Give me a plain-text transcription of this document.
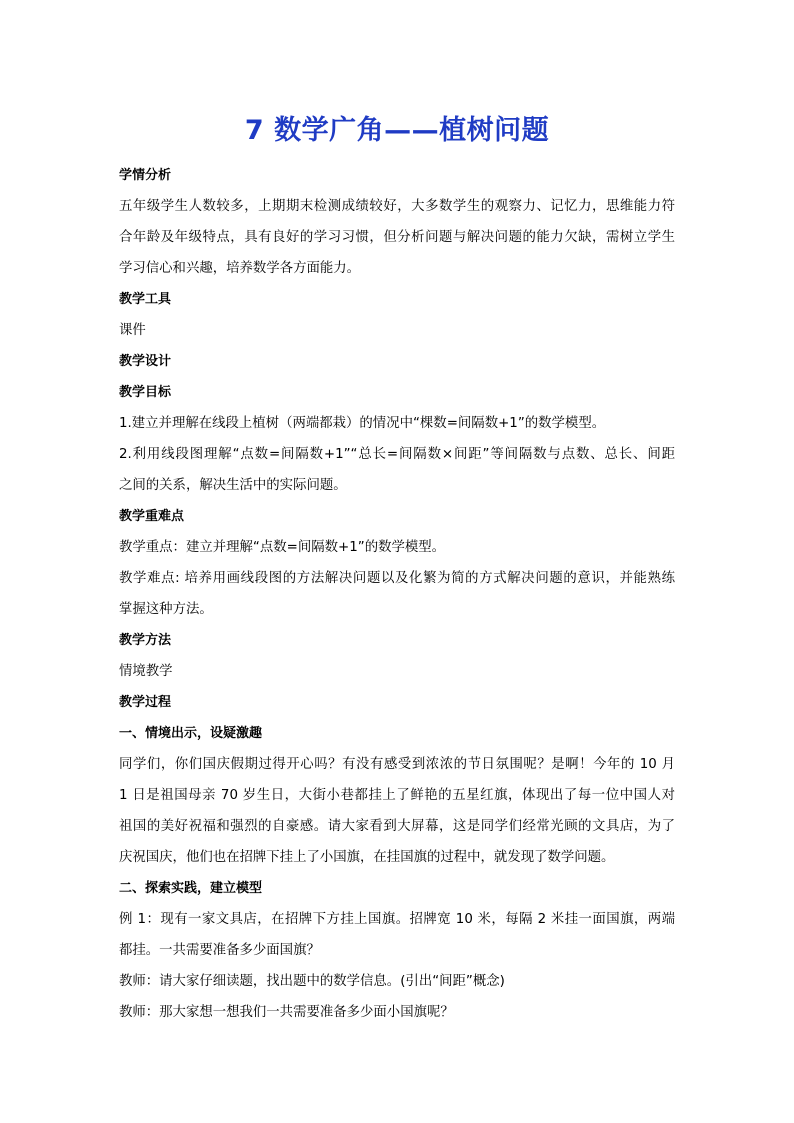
7 数学广角——植树问题
学情分析
五年级学生人数较多，上期期末检测成绩较好，大多数学生的观察力、记忆力，思维能力符
合年龄及年级特点，具有良好的学习习惯，但分析问题与解决问题的能力欠缺，需树立学生
学习信心和兴趣，培养数学各方面能力。
教学工具
课件
教学设计
教学目标
1.建立并理解在线段上植树（两端都栽）的情况中“棵数=间隔数+1”的数学模型。
2.利用线段图理解“点数=间隔数+1”“总长=间隔数×间距”等间隔数与点数、总长、间距
之间的关系，解决生活中的实际问题。
教学重难点
教学重点：建立并理解“点数=间隔数+1”的数学模型。
教学难点: 培养用画线段图的方法解决问题以及化繁为简的方式解决问题的意识，并能熟练
掌握这种方法。
教学方法
情境教学
教学过程
一、情境出示，设疑激趣
同学们，你们国庆假期过得开心吗？有没有感受到浓浓的节日氛围呢？是啊！今年的 10 月
1 日是祖国母亲 70 岁生日，大街小巷都挂上了鲜艳的五星红旗，体现出了每一位中国人对
祖国的美好祝福和强烈的自豪感。请大家看到大屏幕，这是同学们经常光顾的文具店，为了
庆祝国庆，他们也在招牌下挂上了小国旗，在挂国旗的过程中，就发现了数学问题。
二、探索实践，建立模型
例 1：现有一家文具店，在招牌下方挂上国旗。招牌宽 10 米，每隔 2 米挂一面国旗，两端
都挂。一共需要准备多少面国旗？
教师：请大家仔细读题，找出题中的数学信息。(引出“间距”概念)
教师：那大家想一想我们一共需要准备多少面小国旗呢？
